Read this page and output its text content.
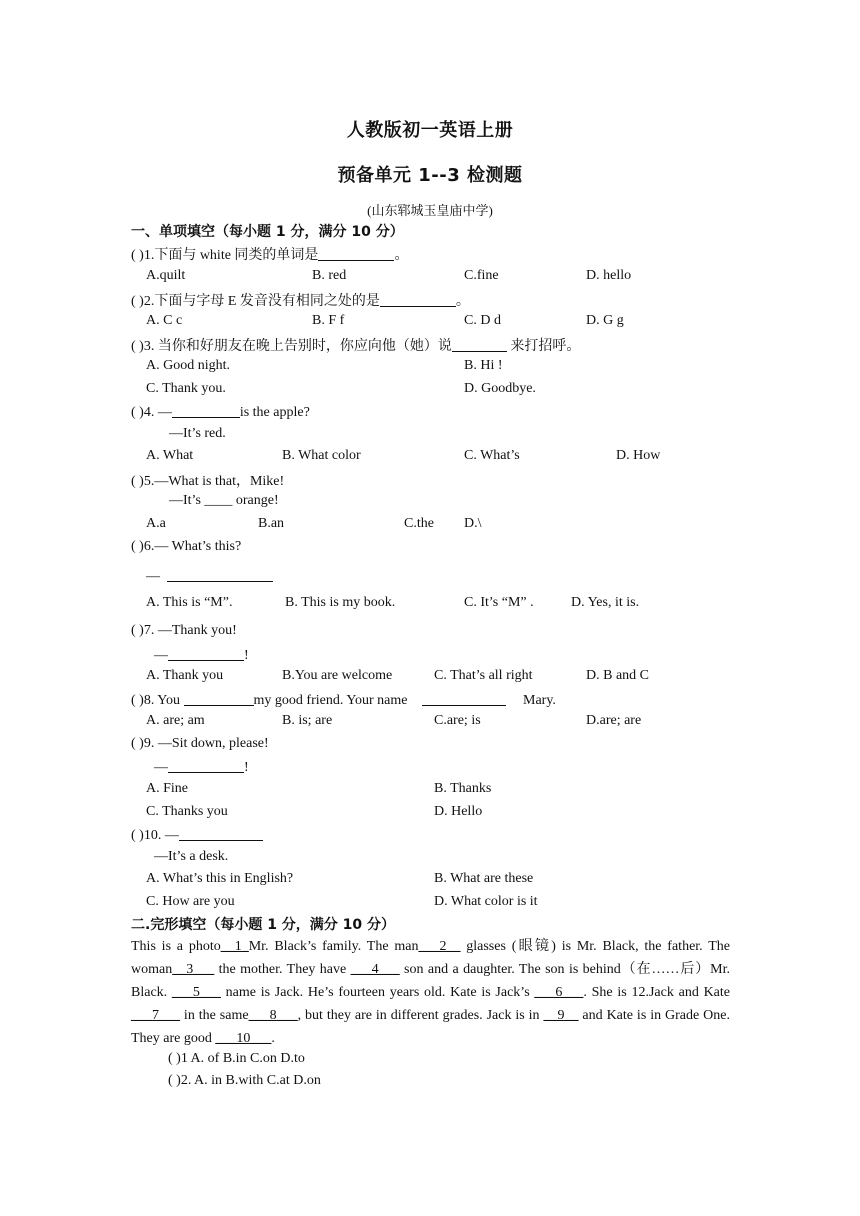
人教版初一英语上册
预备单元 1--3 检测题
(山东郓城玉皇庙中学)
一、单项填空（每小题 1 分，满分 10 分）
( )1.下面与 white 同类的单词是	。
A.quilt	B. red	C.fine	D. hello
( )2.下面与字母 E 发音没有相同之处的是	。
A. C c	B. F f	C. D d	D. G g
( )3. 当你和好朋友在晚上告别时，你应向他（她）说	来打招呼。
A. Good night.	B. Hi !
C. Thank you.	D. Goodbye.
( )4. —	is the apple?
—It’s red.
A. What	B. What color	C. What’s	D. How
( )5.—What is that，Mike!
—It’s ____ orange!
A.a	B.an	C.the D.\
( )6.— What’s this?
—
A. This is “M”.	B. This is my book.	C. It’s “M” .	D. Yes, it is.
( )7. —Thank you!
—	!
A. Thank you	B.You are welcome	C. That’s all right	D. B and C
( )8. You	my good friend. Your name	Mary.
A. are; am	B. is; are	C.are; is	D.are; are
( )9. —Sit down, please!
—	!
A. Fine	B. Thanks
C. Thanks you	D. Hello
( )10. —
—It’s a desk.
A. What’s this in English?	B. What are these
C. How are you	D. What color is it
二.完形填空（每小题 1 分，满分 10 分）
This is a photo__1_Mr. Black’s family. The man___2__ glasses (眼镜) is Mr. Black, the father. The woman__3___ the mother. They have ___4___ son and a daughter. The son is behind（在……后）Mr. Black. ___5___ name is Jack. He’s fourteen years old. Kate is Jack’s ___6___. She is 12.Jack and Kate ___7___ in the same___8___, but they are in different grades. Jack is in __9__ and Kate is in Grade One. They are good ___10___.
( )1 A. of B.in C.on D.to
( )2. A. in B.with C.at D.on
